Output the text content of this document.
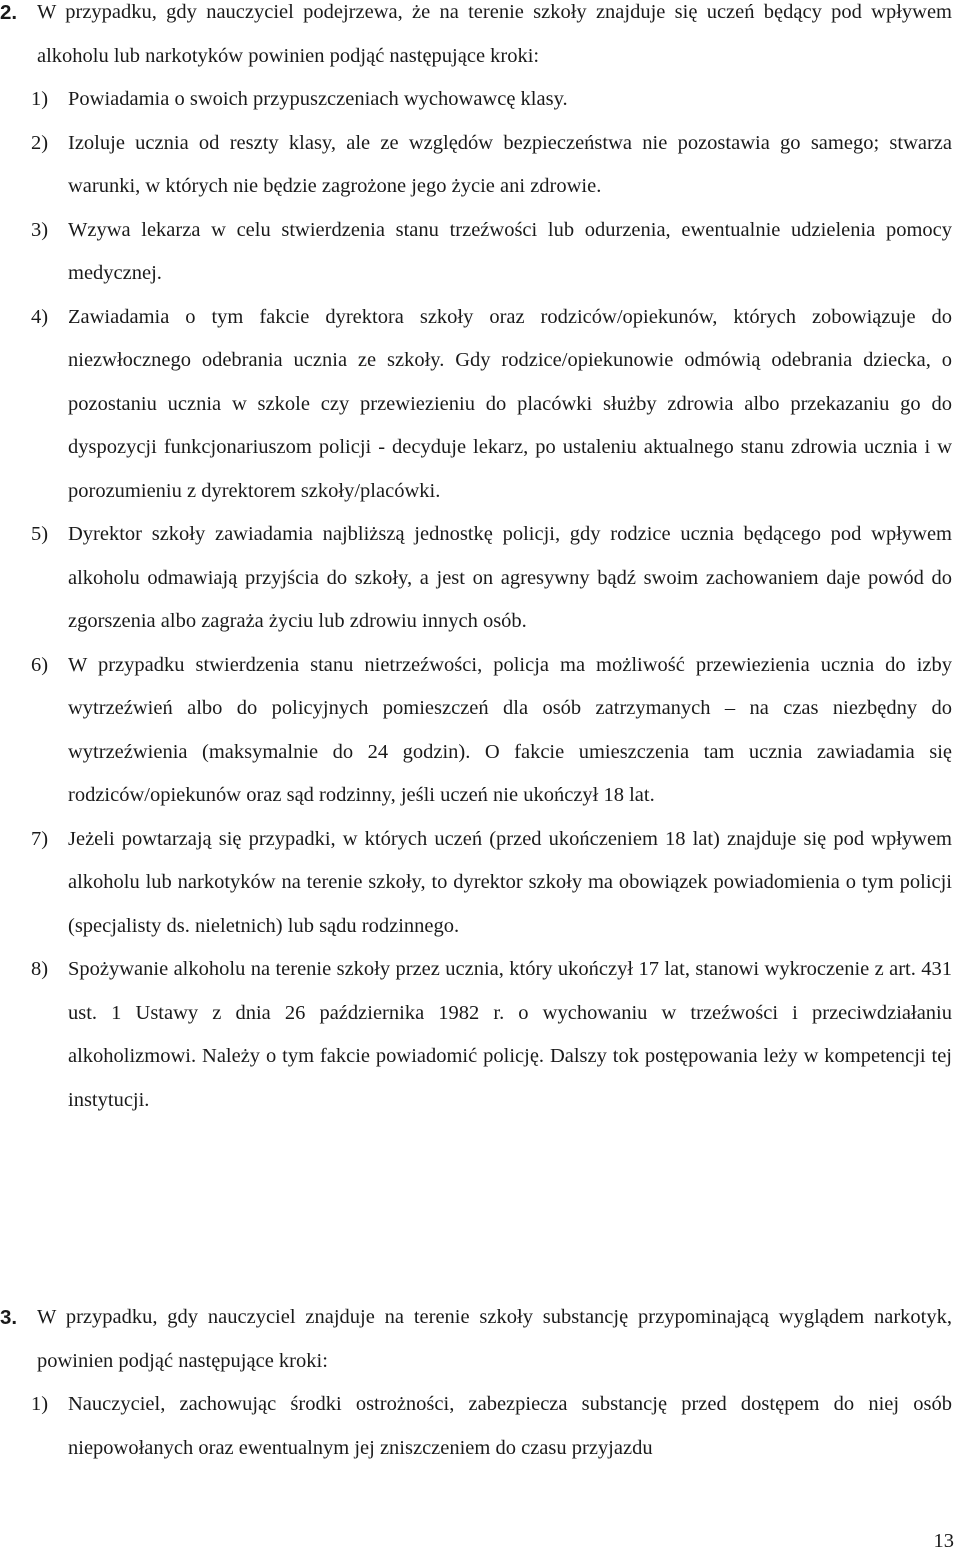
2. W przypadku, gdy nauczyciel podejrzewa, że na terenie szkoły znajduje się uczeń będący pod wpływem alkoholu lub narkotyków powinien podjąć następujące kroki:
1) Powiadamia o swoich przypuszczeniach wychowawcę klasy.
2) Izoluje ucznia od reszty klasy, ale ze względów bezpieczeństwa nie pozostawia go samego; stwarza warunki, w których nie będzie zagrożone jego życie ani zdrowie.
3) Wzywa lekarza w celu stwierdzenia stanu trzeźwości lub odurzenia, ewentualnie udzielenia pomocy medycznej.
4) Zawiadamia o tym fakcie dyrektora szkoły oraz rodziców/opiekunów, których zobowiązuje do niezwłocznego odebrania ucznia ze szkoły. Gdy rodzice/opiekunowie odmówią odebrania dziecka, o pozostaniu ucznia w szkole czy przewiezieniu do placówki służby zdrowia albo przekazaniu go do dyspozycji funkcjonariuszom policji - decyduje lekarz, po ustaleniu aktualnego stanu zdrowia ucznia i w porozumieniu z dyrektorem szkoły/placówki.
5) Dyrektor szkoły zawiadamia najbliższą jednostkę policji, gdy rodzice ucznia będącego pod wpływem alkoholu odmawiają przyjścia do szkoły, a jest on agresywny bądź swoim zachowaniem daje powód do zgorszenia albo zagraża życiu lub zdrowiu innych osób.
6) W przypadku stwierdzenia stanu nietrzeźwości, policja ma możliwość przewiezienia ucznia do izby wytrzeźwień albo do policyjnych pomieszczeń dla osób zatrzymanych – na czas niezbędny do wytrzeźwienia (maksymalnie do 24 godzin). O fakcie umieszczenia tam ucznia zawiadamia się rodziców/opiekunów oraz sąd rodzinny, jeśli uczeń nie ukończył 18 lat.
7) Jeżeli powtarzają się przypadki, w których uczeń (przed ukończeniem 18 lat) znajduje się pod wpływem alkoholu lub narkotyków na terenie szkoły, to dyrektor szkoły ma obowiązek powiadomienia o tym policji (specjalisty ds. nieletnich) lub sądu rodzinnego.
8) Spożywanie alkoholu na terenie szkoły przez ucznia, który ukończył 17 lat, stanowi wykroczenie z art. 431 ust. 1 Ustawy z dnia 26 października 1982 r. o wychowaniu w trzeźwości i przeciwdziałaniu alkoholizmowi. Należy o tym fakcie powiadomić policję. Dalszy tok postępowania leży w kompetencji tej instytucji.
3. W przypadku, gdy nauczyciel znajduje na terenie szkoły substancję przypominającą wyglądem narkotyk, powinien podjąć następujące kroki:
1) Nauczyciel, zachowując środki ostrożności, zabezpiecza substancję przed dostępem do niej osób niepowołanych oraz ewentualnym jej zniszczeniem do czasu przyjazdu
13
